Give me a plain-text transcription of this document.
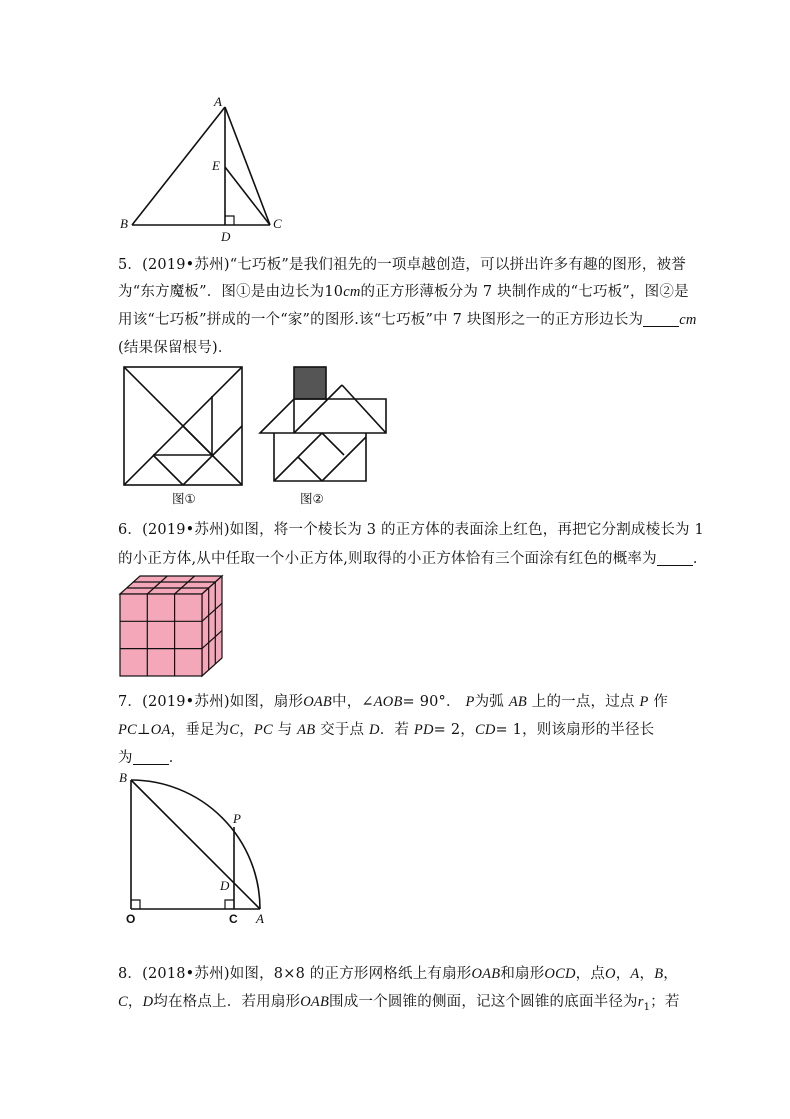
A
E
B	C
D
5．(2019•苏州)“七巧板”是我们祖先的一项卓越创造，可以拼出许多有趣的图形，被誉
为“东方魔板”．图①是由边长为10cm的正方形薄板分为 7 块制作成的“七巧板”，图②是
用该“七巧板”拼成的一个“家”的图形.该“七巧板”中 7 块图形之一的正方形边长为 cm
(结果保留根号)．
图①	图②
6．(2019•苏州)如图，将一个棱长为 3 的正方体的表面涂上红色，再把它分割成棱长为 1
的小正方体,从中任取一个小正方体,则取得的小正方体恰有三个面涂有红色的概率为 ．
7．(2019•苏州)如图，扇形OAB中，∠AOB= 90°． P为弧 AB 上的一点，过点 P 作
PC⊥OA，垂足为C，PC 与 AB 交于点 D．若 PD= 2，CD= 1，则该扇形的半径长
为 ．
B
P
D
O	C A
8．(2018•苏州)如图，8×8 的正方形网格纸上有扇形OAB和扇形OCD，点O，A，B，
C，D均在格点上．若用扇形OAB围成一个圆锥的侧面，记这个圆锥的底面半径为$r_1$；若
